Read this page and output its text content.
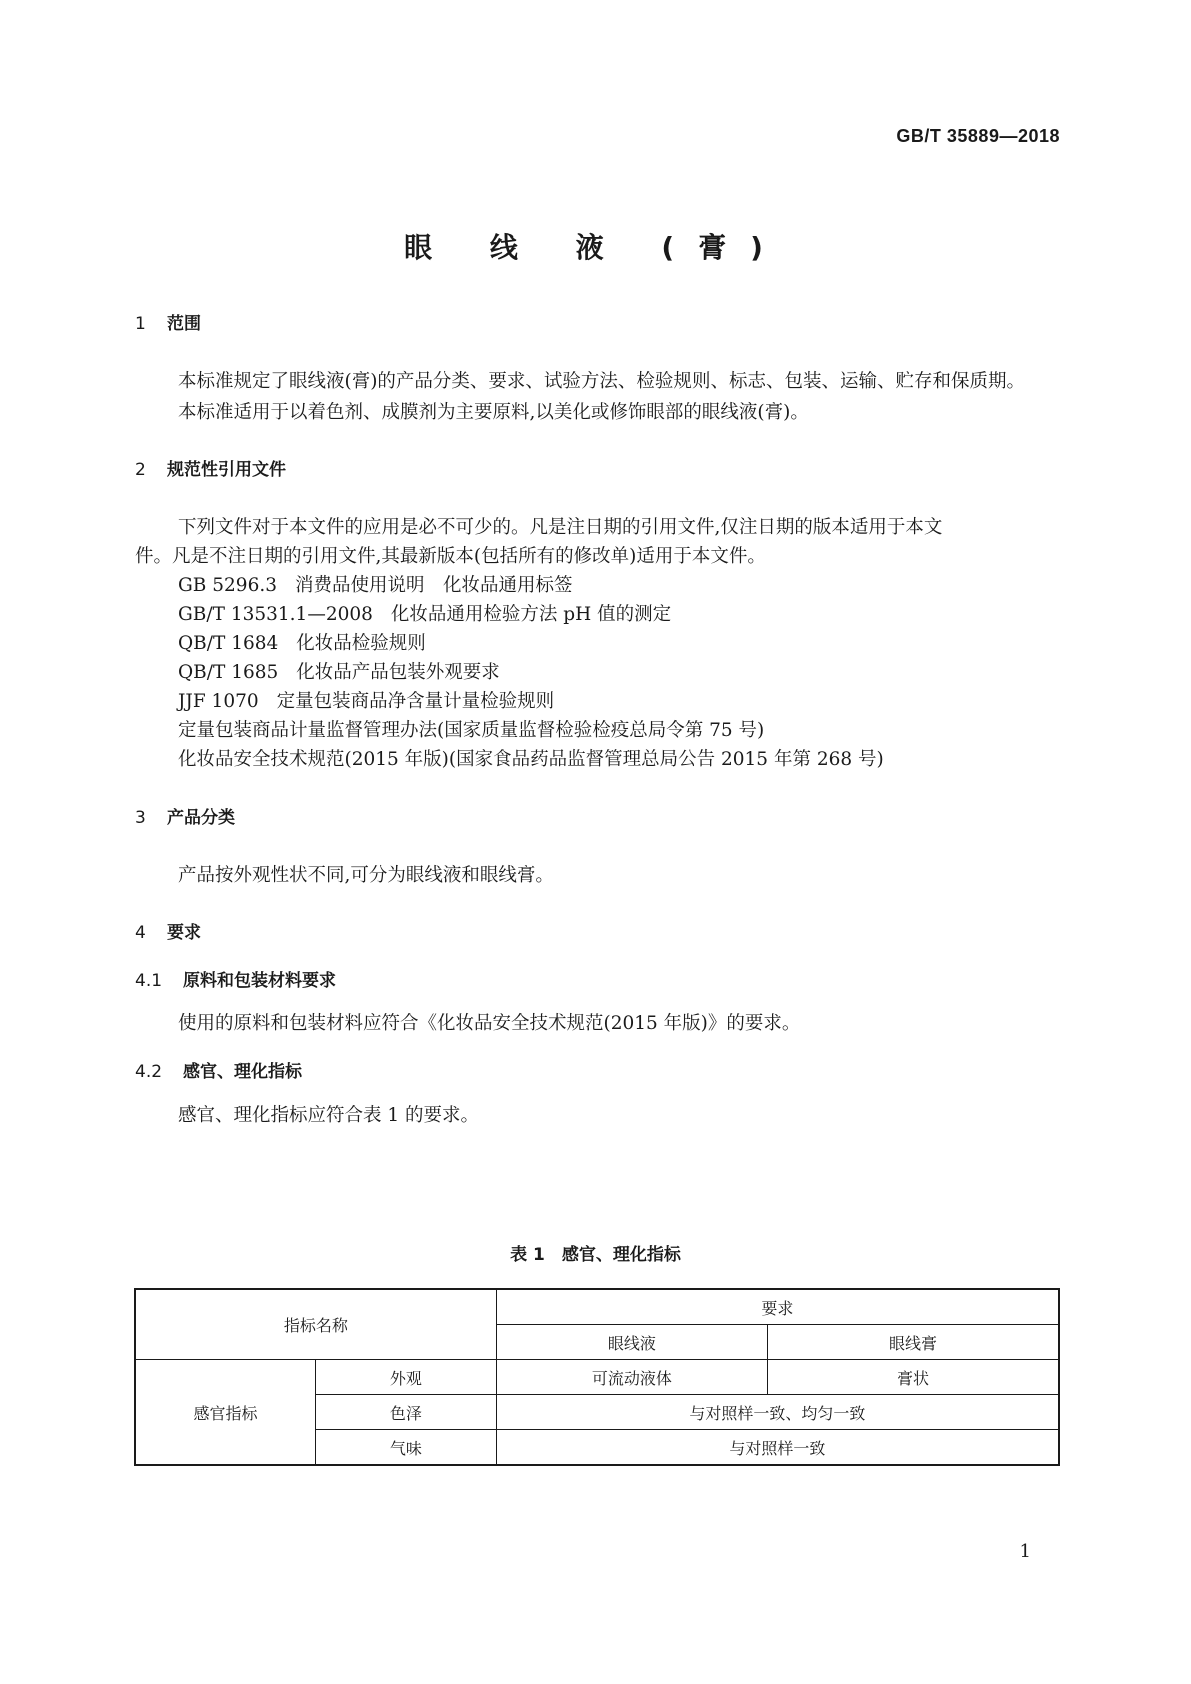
GB/T 35889—2018
眼 线 液 (膏)
1 范围
本标准规定了眼线液(膏)的产品分类、要求、试验方法、检验规则、标志、包装、运输、贮存和保质期。
本标准适用于以着色剂、成膜剂为主要原料,以美化或修饰眼部的眼线液(膏)。
2 规范性引用文件
下列文件对于本文件的应用是必不可少的。凡是注日期的引用文件,仅注日期的版本适用于本文
件。凡是不注日期的引用文件,其最新版本(包括所有的修改单)适用于本文件。
GB 5296.3 消费品使用说明　化妆品通用标签
GB/T 13531.1—2008 化妆品通用检验方法 pH 值的测定
QB/T 1684 化妆品检验规则
QB/T 1685 化妆品产品包装外观要求
JJF 1070 定量包装商品净含量计量检验规则
定量包装商品计量监督管理办法(国家质量监督检验检疫总局令第 75 号)
化妆品安全技术规范(2015 年版)(国家食品药品监督管理总局公告 2015 年第 268 号)
3 产品分类
产品按外观性状不同,可分为眼线液和眼线膏。
4 要求
4.1 原料和包装材料要求
使用的原料和包装材料应符合《化妆品安全技术规范(2015 年版)》的要求。
4.2 感官、理化指标
感官、理化指标应符合表 1 的要求。
表 1　感官、理化指标
指标名称		要求	
		眼线液	眼线膏
感官指标	外观	可流动液体	膏状
	色泽	与对照样一致、均匀一致	
	气味	与对照样一致	
1
